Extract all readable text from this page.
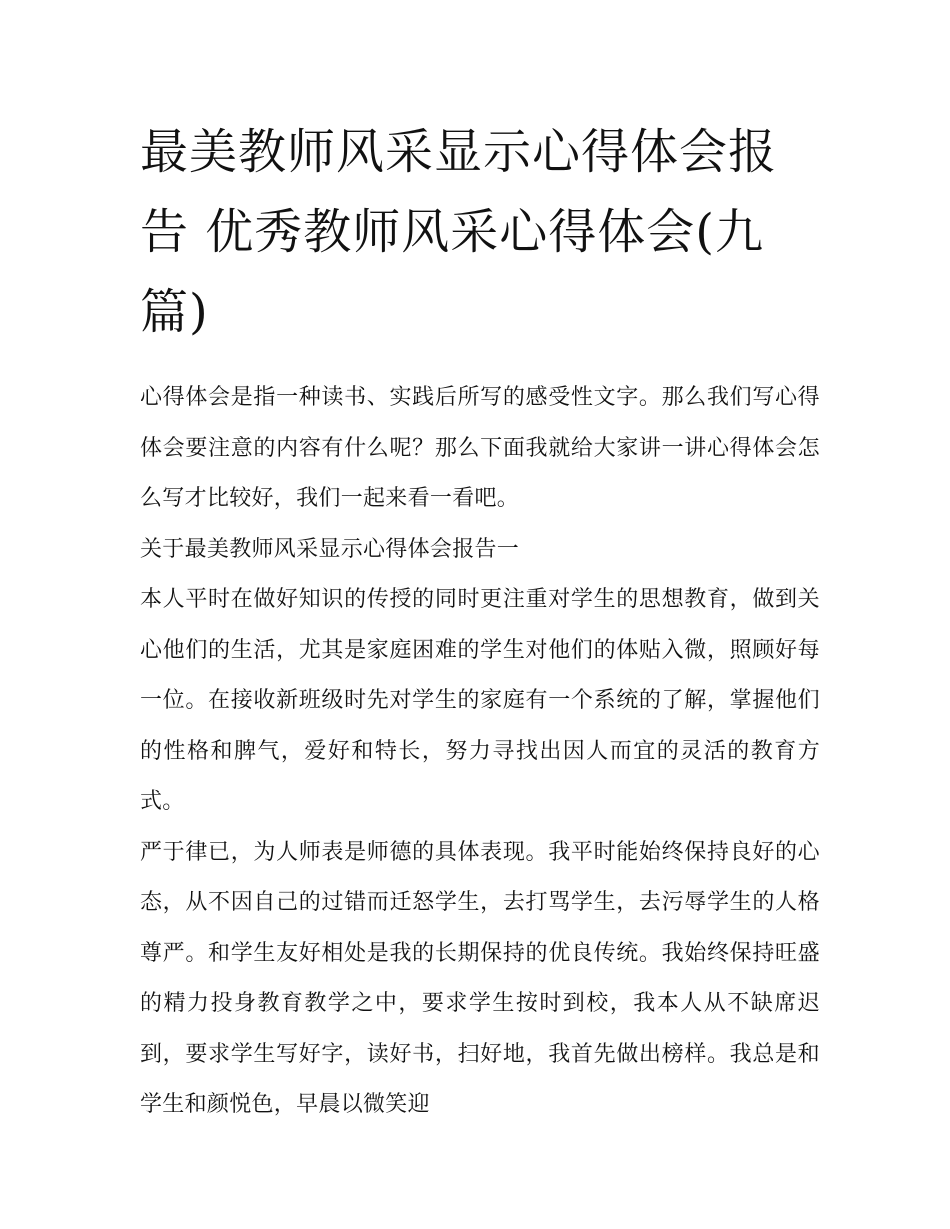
最美教师风采显示心得体会报告 优秀教师风采心得体会(九篇)

心得体会是指一种读书、实践后所写的感受性文字。那么我们写心得体会要注意的内容有什么呢？那么下面我就给大家讲一讲心得体会怎么写才比较好，我们一起来看一看吧。

关于最美教师风采显示心得体会报告一

本人平时在做好知识的传授的同时更注重对学生的思想教育，做到关心他们的生活，尤其是家庭困难的学生对他们的体贴入微，照顾好每一位。在接收新班级时先对学生的家庭有一个系统的了解，掌握他们的性格和脾气，爱好和特长，努力寻找出因人而宜的灵活的教育方式。

严于律已，为人师表是师德的具体表现。我平时能始终保持良好的心态，从不因自己的过错而迁怒学生，去打骂学生，去污辱学生的人格尊严。和学生友好相处是我的长期保持的优良传统。我始终保持旺盛的精力投身教育教学之中，要求学生按时到校，我本人从不缺席迟到，要求学生写好字，读好书，扫好地，我首先做出榜样。我总是和学生和颜悦色，早晨以微笑迎
